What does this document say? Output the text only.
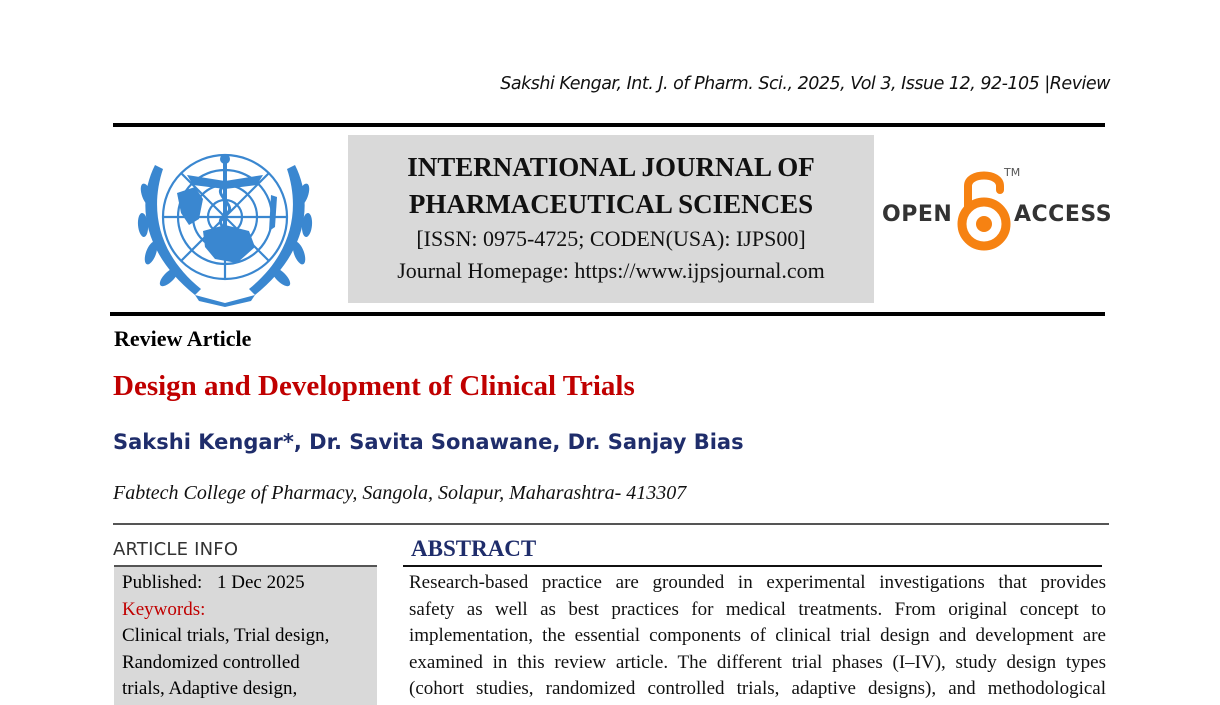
Sakshi Kengar, Int. J. of Pharm. Sci., 2025, Vol 3, Issue 12, 92-105 |Review
INTERNATIONAL JOURNAL OF
PHARMACEUTICAL SCIENCES
[ISSN: 0975-4725; CODEN(USA): IJPS00]
Journal Homepage: https://www.ijpsjournal.com
OPEN
TM
ACCESS
Review Article
Design and Development of Clinical Trials
Sakshi Kengar*, Dr. Savita Sonawane, Dr. Sanjay Bias
Fabtech College of Pharmacy, Sangola, Solapur, Maharashtra- 413307
ARTICLE INFO
Published: 1 Dec 2025
Keywords:
Clinical trials, Trial design,
Randomized controlled
trials, Adaptive design,
ABSTRACT
Research-based practice are grounded in experimental investigations that provides
safety as well as best practices for medical treatments. From original concept to
implementation, the essential components of clinical trial design and development are
examined in this review article. The different trial phases (I–IV), study design types
(cohort studies, randomized controlled trials, adaptive designs), and methodological
